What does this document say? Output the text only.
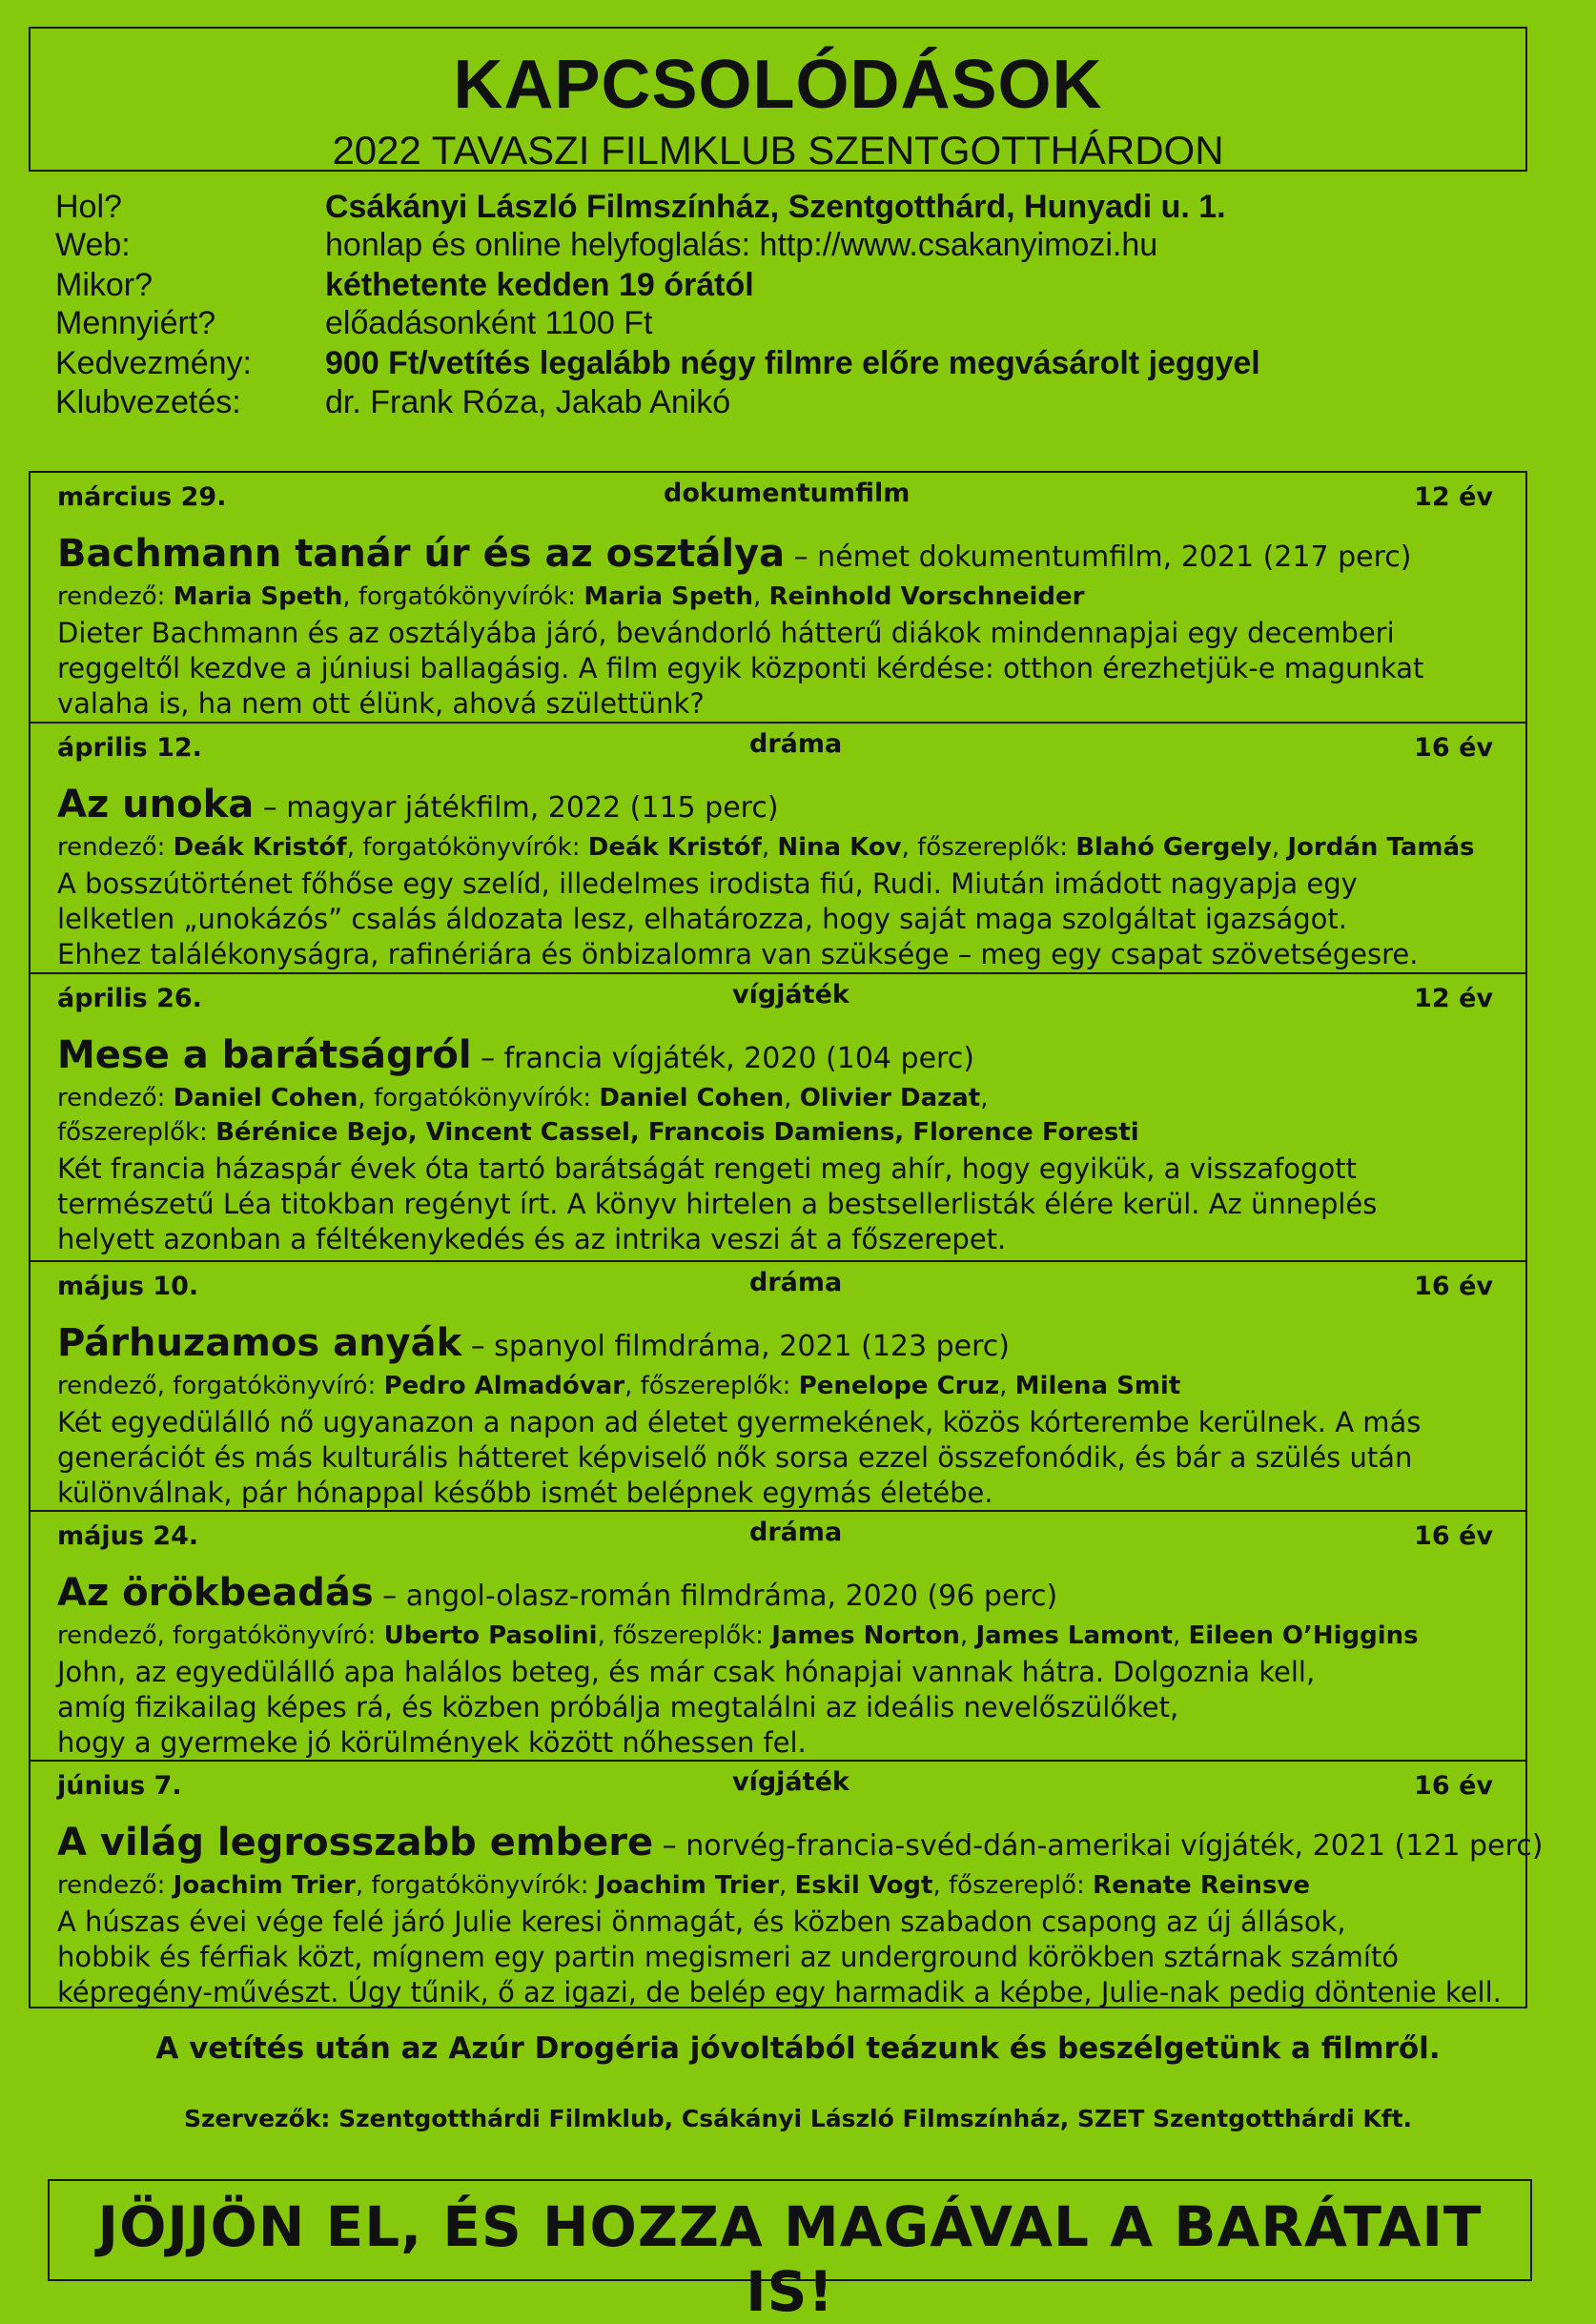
KAPCSOLÓDÁSOK
2022 TAVASZI FILMKLUB SZENTGOTTHÁRDON
Hol?	Csákányi László Filmszínház, Szentgotthárd, Hunyadi u. 1.
Web:	honlap és online helyfoglalás: http://www.csakanyimozi.hu
Mikor?	kéthetente kedden 19 órától
Mennyiért?	előadásonként 1100 Ft
Kedvezmény: 900 Ft/vetítés legalább négy filmre előre megvásárolt jeggyel
Klubvezetés:	dr. Frank Róza, Jakab Anikó
március 29.	dokumentumfilm	12 év
Bachmann tanár úr és az osztálya – német dokumentumfilm, 2021 (217 perc)
rendező: Maria Speth, forgatókönyvírók: Maria Speth, Reinhold Vorschneider
Dieter Bachmann és az osztályába járó, bevándorló hátterű diákok mindennapjai egy decemberi
reggeltől kezdve a júniusi ballagásig. A film egyik központi kérdése: otthon érezhetjük-e magunkat
valaha is, ha nem ott élünk, ahová születtünk?
április 12.	dráma	16 év
Az unoka – magyar játékfilm, 2022 (115 perc)
rendező: Deák Kristóf, forgatókönyvírók: Deák Kristóf, Nina Kov, főszereplők: Blahó Gergely, Jordán Tamás
A bosszútörténet főhőse egy szelíd, illedelmes irodista fiú, Rudi. Miután imádott nagyapja egy
lelketlen „unokázós” csalás áldozata lesz, elhatározza, hogy saját maga szolgáltat igazságot.
Ehhez találékonyságra, rafinériára és önbizalomra van szüksége – meg egy csapat szövetségesre.
április 26.	vígjáték	12 év
Mese a barátságról – francia vígjáték, 2020 (104 perc)
rendező: Daniel Cohen, forgatókönyvírók: Daniel Cohen, Olivier Dazat,
főszereplők: Bérénice Bejo, Vincent Cassel, Francois Damiens, Florence Foresti
Két francia házaspár évek óta tartó barátságát rengeti meg ahír, hogy egyikük, a visszafogott
természetű Léa titokban regényt írt. A könyv hirtelen a bestsellerlisták élére kerül. Az ünneplés
helyett azonban a féltékenykedés és az intrika veszi át a főszerepet.
május 10.	dráma	16 év
Párhuzamos anyák – spanyol filmdráma, 2021 (123 perc)
rendező, forgatókönyvíró: Pedro Almadóvar, főszereplők: Penelope Cruz, Milena Smit
Két egyedülálló nő ugyanazon a napon ad életet gyermekének, közös kórterembe kerülnek. A más
generációt és más kulturális hátteret képviselő nők sorsa ezzel összefonódik, és bár a szülés után
különválnak, pár hónappal később ismét belépnek egymás életébe.
május 24.	dráma	16 év
Az örökbeadás – angol-olasz-román filmdráma, 2020 (96 perc)
rendező, forgatókönyvíró: Uberto Pasolini, főszereplők: James Norton, James Lamont, Eileen O’Higgins
John, az egyedülálló apa halálos beteg, és már csak hónapjai vannak hátra. Dolgoznia kell,
amíg fizikailag képes rá, és közben próbálja megtalálni az ideális nevelőszülőket,
hogy a gyermeke jó körülmények között nőhessen fel.
június 7.	vígjáték	16 év
A világ legrosszabb embere – norvég-francia-svéd-dán-amerikai vígjáték, 2021 (121 perc)
rendező: Joachim Trier, forgatókönyvírók: Joachim Trier, Eskil Vogt, főszereplő: Renate Reinsve
A húszas évei vége felé járó Julie keresi önmagát, és közben szabadon csapong az új állások,
hobbik és férfiak közt, mígnem egy partin megismeri az underground körökben sztárnak számító
képregény-művészt. Úgy tűnik, ő az igazi, de belép egy harmadik a képbe, Julie-nak pedig döntenie kell.
A vetítés után az Azúr Drogéria jóvoltából teázunk és beszélgetünk a filmről.
Szervezők: Szentgotthárdi Filmklub, Csákányi László Filmszínház, SZET Szentgotthárdi Kft.
JÖJJÖN EL, ÉS HOZZA MAGÁVAL A BARÁTAIT IS!
